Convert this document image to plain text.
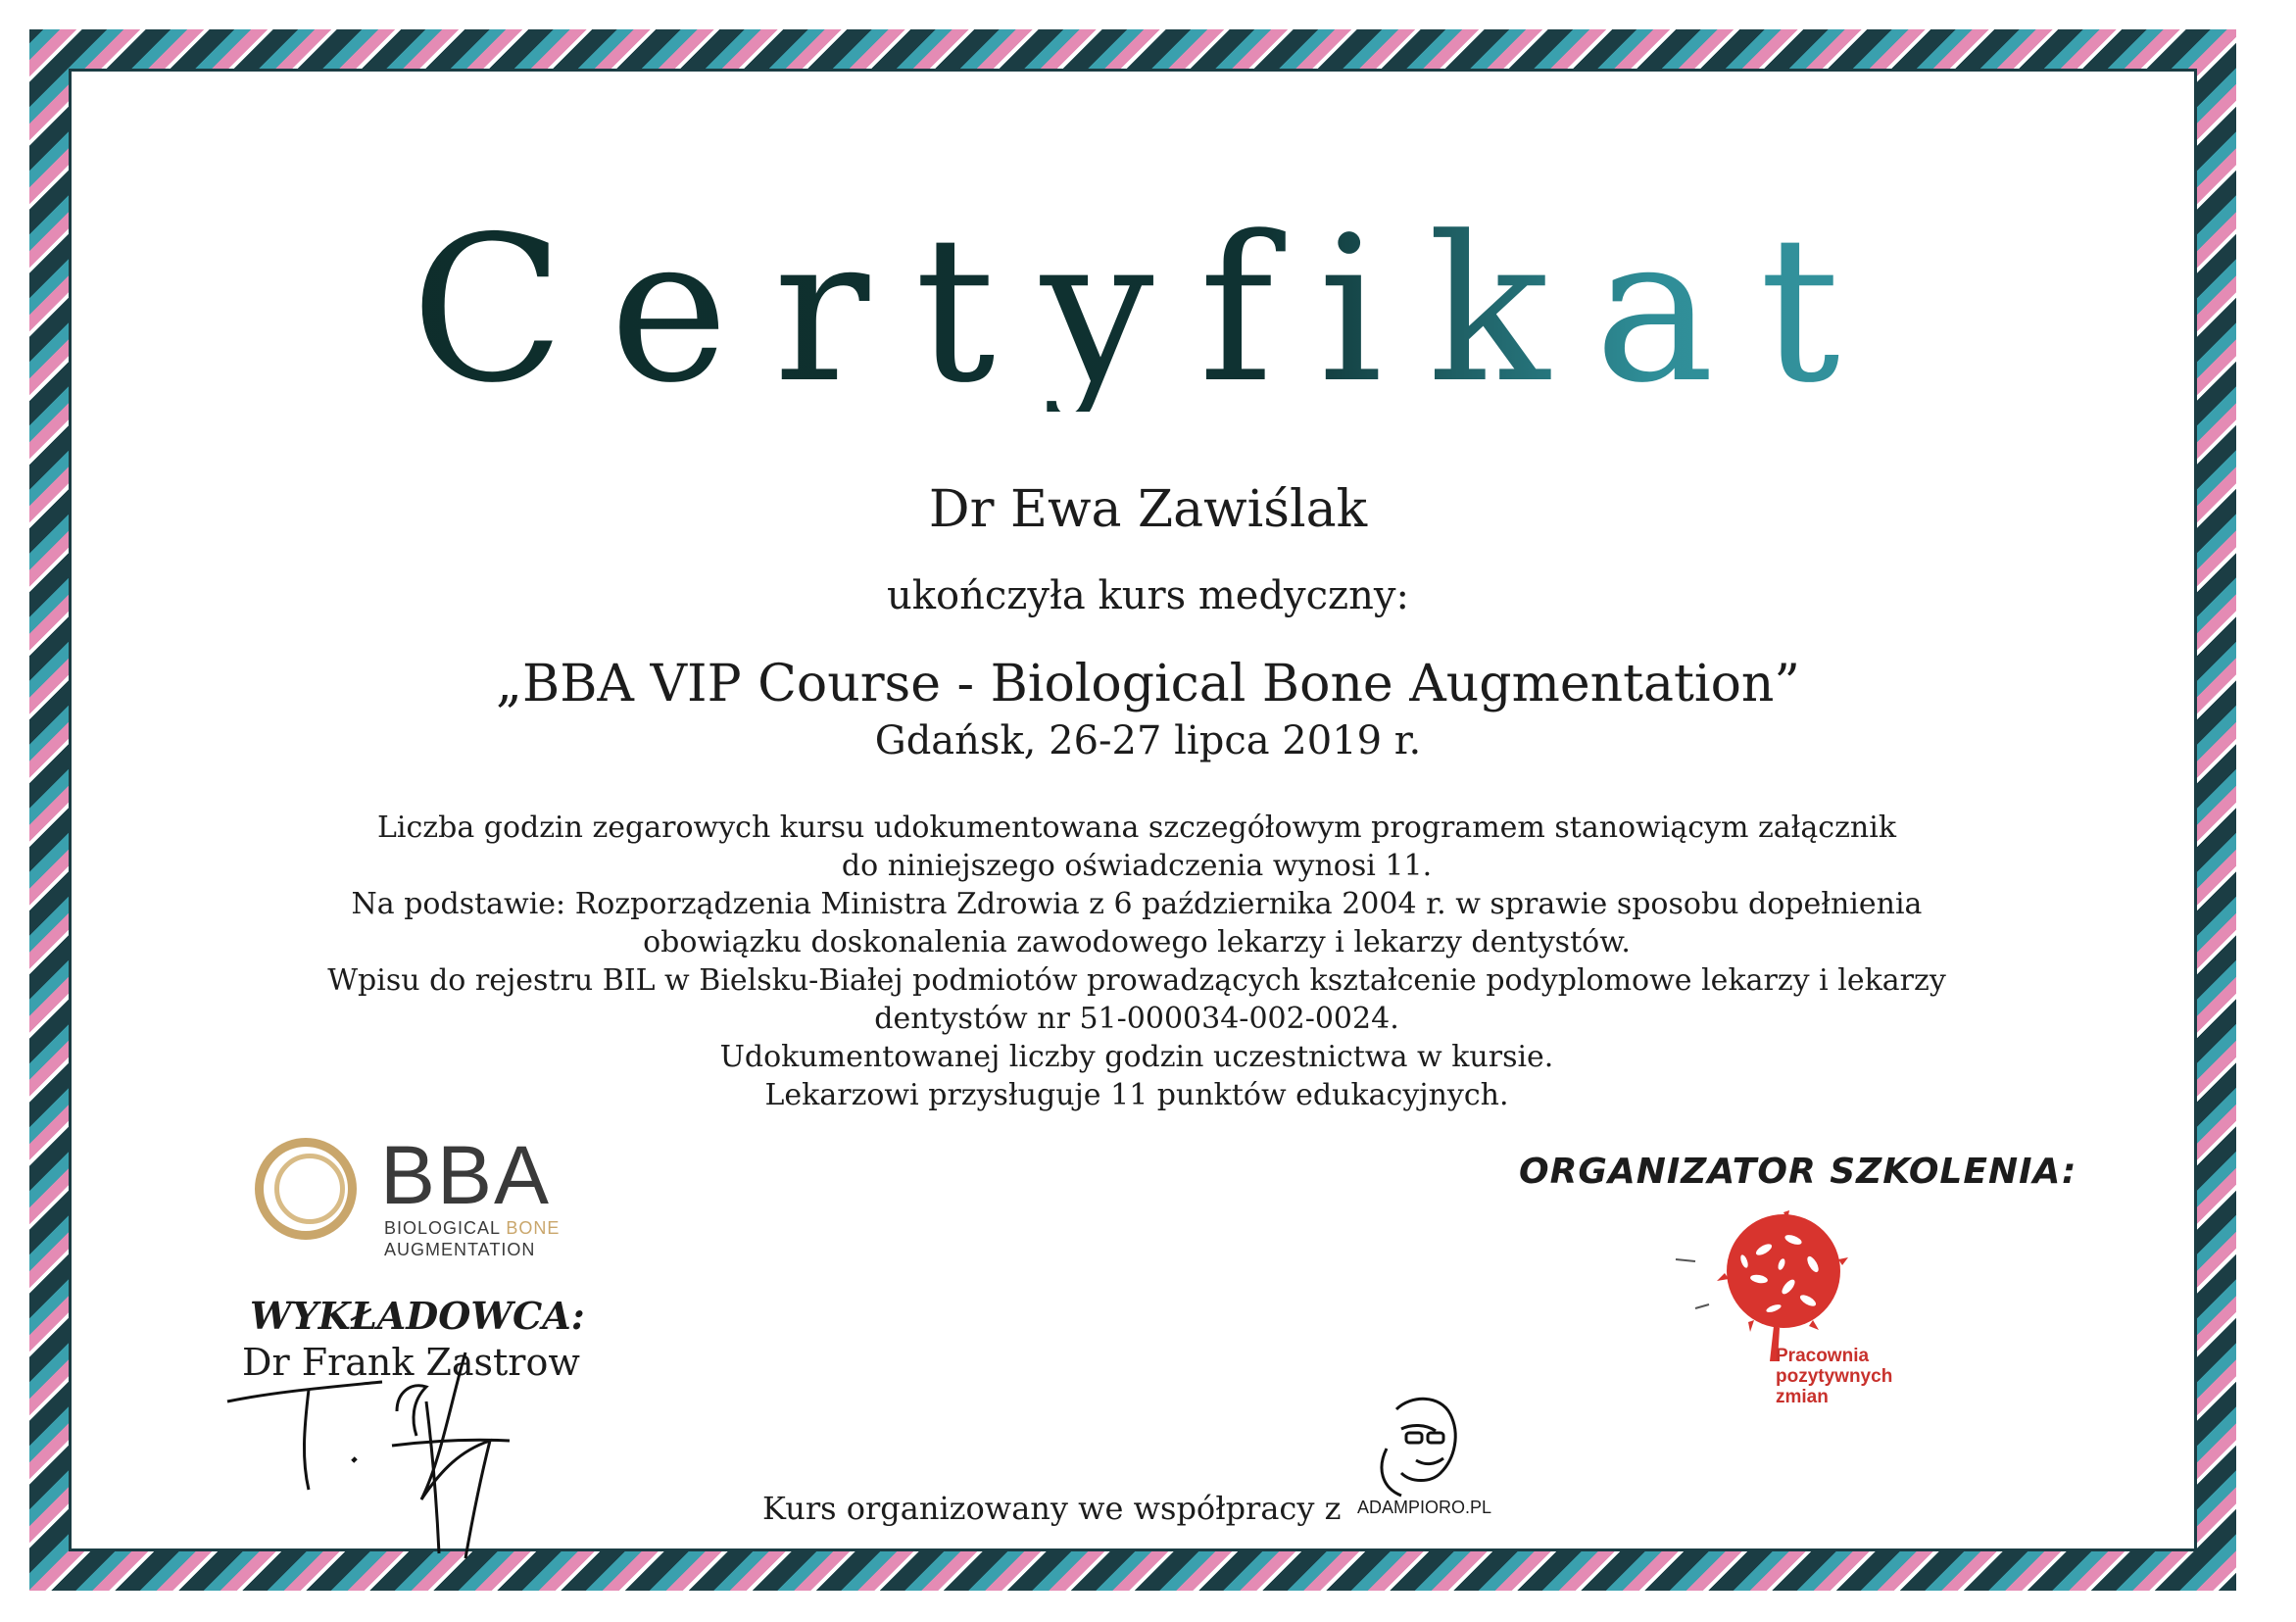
Certyfikat
Dr Ewa Zawiślak
ukończyła kurs medyczny:
„BBA VIP Course - Biological Bone Augmentation”
Gdańsk, 26-27 lipca 2019 r.
Liczba godzin zegarowych kursu udokumentowana szczegółowym programem stanowiącym załącznik
do niniejszego oświadczenia wynosi 11.
Na podstawie: Rozporządzenia Ministra Zdrowia z 6 października 2004 r. w sprawie sposobu dopełnienia
obowiązku doskonalenia zawodowego lekarzy i lekarzy dentystów.
Wpisu do rejestru BIL w Bielsku-Białej podmiotów prowadzących kształcenie podyplomowe lekarzy i lekarzy
dentystów nr 51-000034-002-0024.
Udokumentowanej liczby godzin uczestnictwa w kursie.
Lekarzowi przysługuje 11 punktów edukacyjnych.
BBA
BIOLOGICAL BONE
AUGMENTATION
WYKŁADOWCA:
Dr Frank Zastrow
ORGANIZATOR SZKOLENIA:
Pracownia
pozytywnych
zmian
Kurs organizowany we współpracy z ADAMPIORO.PL
